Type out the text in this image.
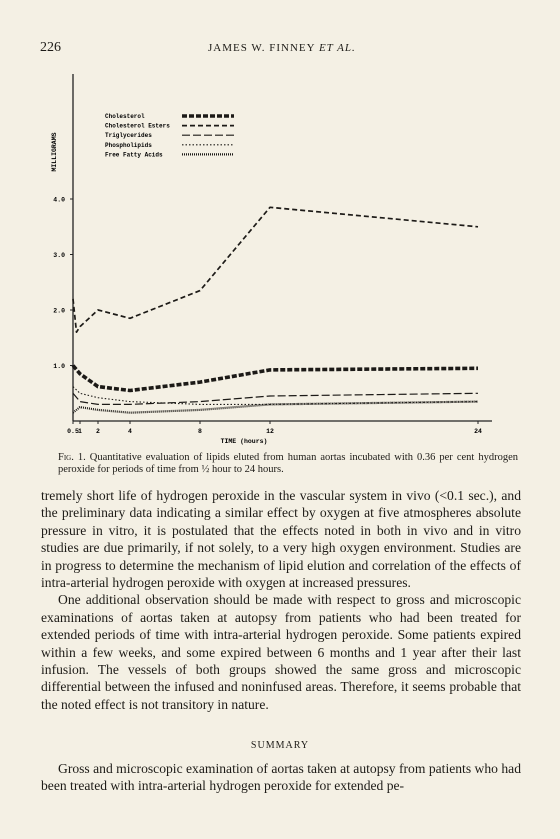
226	JAMES W. FINNEY ET AL.
1.0
2.0
3.0
4.0
0.5 1 2	4	8	12	24
Cholesterol
Cholesterol Esters
Triglycerides
Phospholipids
Free Fatty Acids
MILLIGRAMS
TIME (hours)
Fig. 1. Quantitative evaluation of lipids eluted from human aortas incubated with 0.36 per cent hydrogen peroxide for periods of time from ½ hour to 24 hours.

tremely short life of hydrogen peroxide in the vascular system in vivo (<0.1 sec.), and the preliminary data indicating a similar effect by oxygen at five atmospheres absolute pressure in vitro, it is postulated that the effects noted in both in vivo and in vitro studies are due primarily, if not solely, to a very high oxygen environment. Studies are in progress to determine the mechanism of lipid elution and correlation of the effects of intra-arterial hydrogen peroxide with oxygen at increased pressures.

One additional observation should be made with respect to gross and microscopic examinations of aortas taken at autopsy from patients who had been treated for extended periods of time with intra-arterial hydrogen peroxide. Some patients expired within a few weeks, and some expired between 6 months and 1 year after their last infusion. The vessels of both groups showed the same gross and microscopic differential between the infused and noninfused areas. Therefore, it seems probable that the noted effect is not transitory in nature.

SUMMARY

Gross and microscopic examination of aortas taken at autopsy from patients who had been treated with intra-arterial hydrogen peroxide for extended pe-
